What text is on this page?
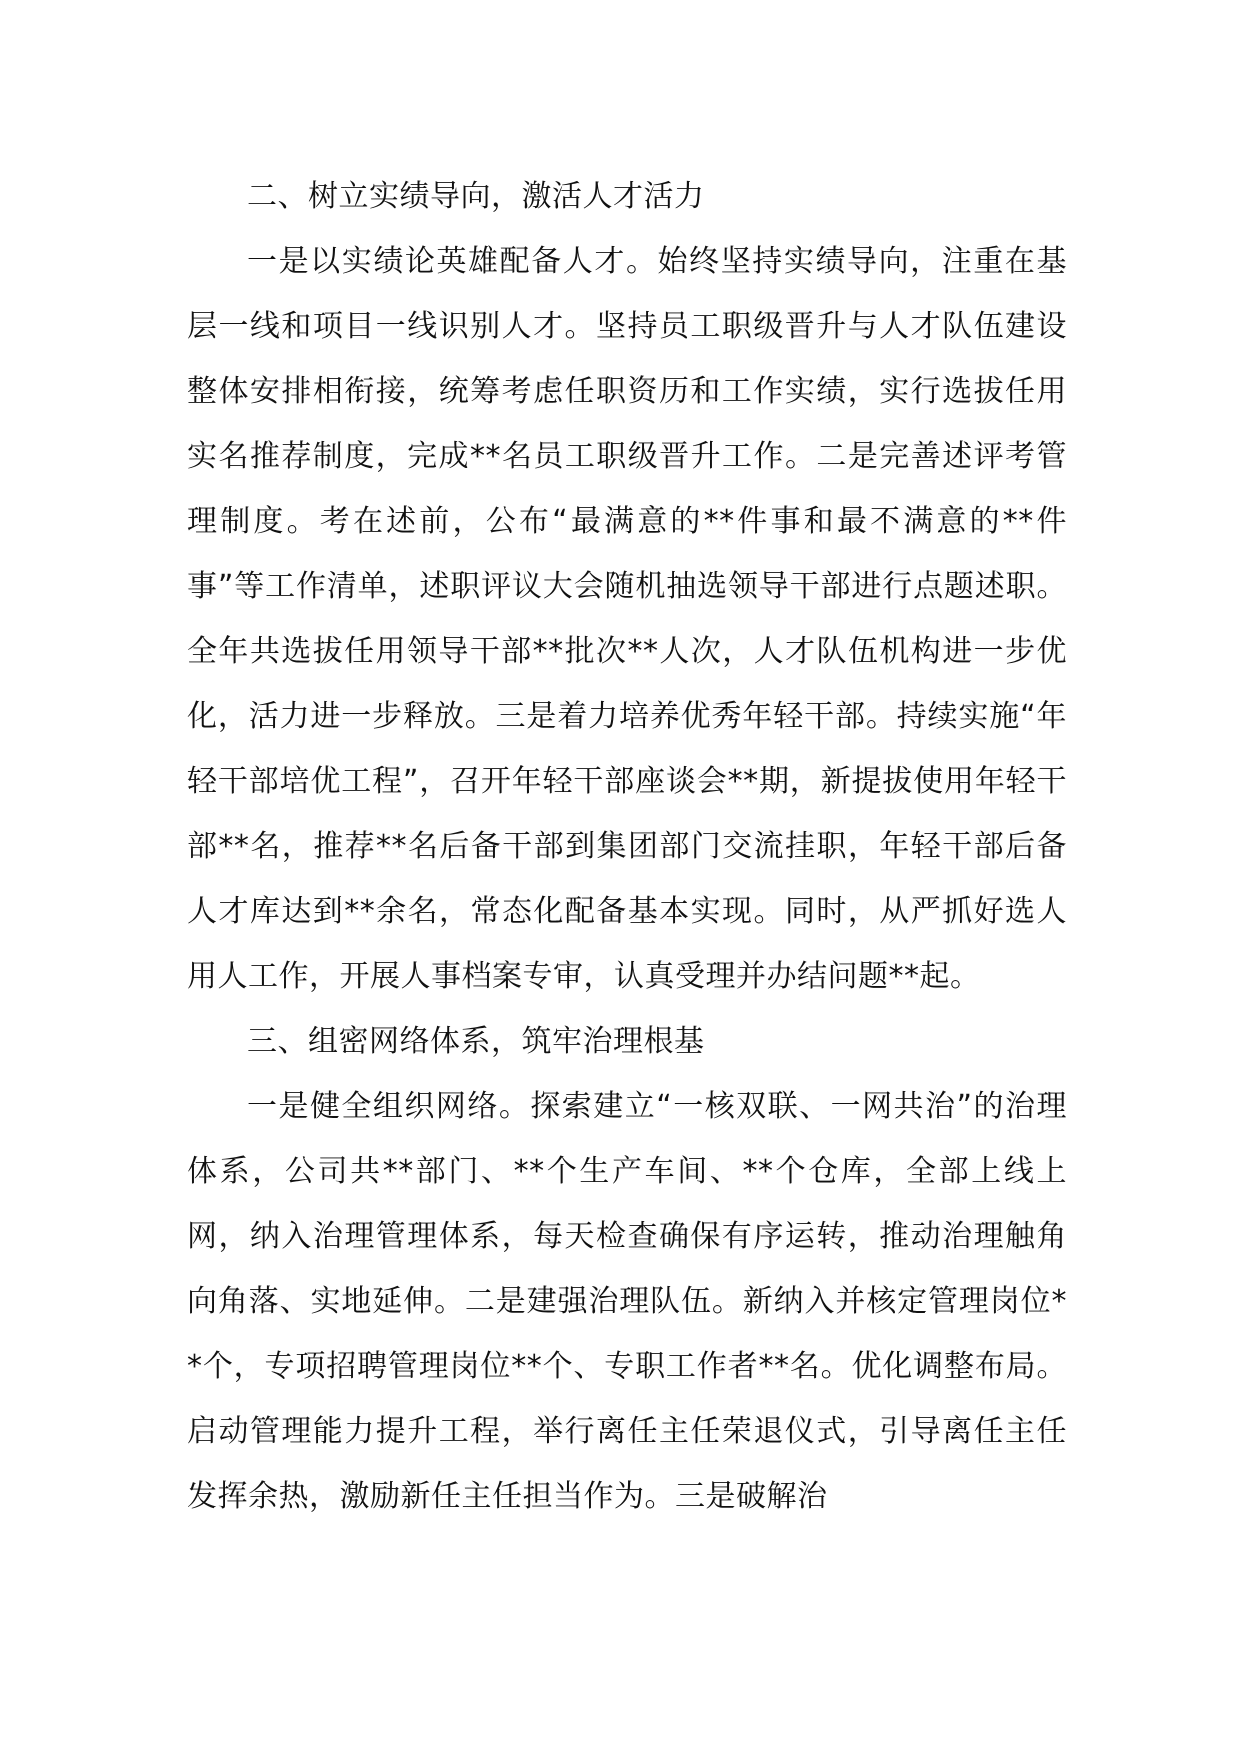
二、树立实绩导向，激活人才活力

一是以实绩论英雄配备人才。始终坚持实绩导向，注重在基层一线和项目一线识别人才。坚持员工职级晋升与人才队伍建设整体安排相衔接，统筹考虑任职资历和工作实绩，实行选拔任用实名推荐制度，完成**名员工职级晋升工作。二是完善述评考管理制度。考在述前，公布“最满意的**件事和最不满意的**件事”等工作清单，述职评议大会随机抽选领导干部进行点题述职。全年共选拔任用领导干部**批次**人次，人才队伍机构进一步优化，活力进一步释放。三是着力培养优秀年轻干部。持续实施“年轻干部培优工程”，召开年轻干部座谈会**期，新提拔使用年轻干部**名，推荐**名后备干部到集团部门交流挂职，年轻干部后备人才库达到**余名，常态化配备基本实现。同时，从严抓好选人用人工作，开展人事档案专审，认真受理并办结问题**起。

三、组密网络体系，筑牢治理根基

一是健全组织网络。探索建立“一核双联、一网共治”的治理体系，公司共**部门、**个生产车间、**个仓库，全部上线上网，纳入治理管理体系，每天检查确保有序运转，推动治理触角向角落、实地延伸。二是建强治理队伍。新纳入并核定管理岗位**个，专项招聘管理岗位**个、专职工作者**名。优化调整布局。启动管理能力提升工程，举行离任主任荣退仪式，引导离任主任发挥余热，激励新任主任担当作为。三是破解治
